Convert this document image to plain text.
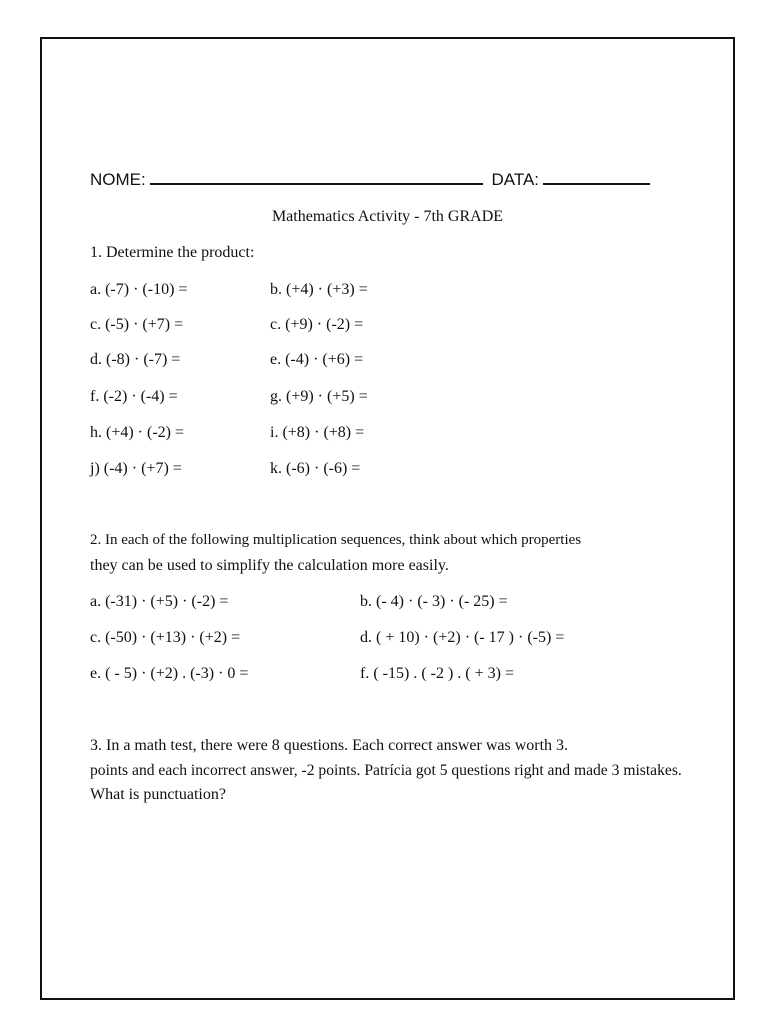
NOME:	DATA:
Mathematics Activity - 7th GRADE
1. Determine the product:
a. (-7) · (-10) =	b. (+4) · (+3) =
c. (-5) · (+7) =	c. (+9) · (-2) =
d. (-8) · (-7) =	e. (-4) · (+6) =
f. (-2) · (-4) =	g. (+9) · (+5) =
h. (+4) · (-2) =	i. (+8) · (+8) =
j) (-4) · (+7) =	k. (-6) · (-6) =
2. In each of the following multiplication sequences, think about which properties
they can be used to simplify the calculation more easily.
a. (-31) · (+5) · (-2) =	b. (- 4) · (- 3) · (- 25) =
c. (-50) · (+13) · (+2) =	d. ( + 10) · (+2) · (- 17 ) · (-5) =
e. ( - 5) · (+2) . (-3) · 0 =	f. ( -15) . ( -2 ) . ( + 3) =
3. In a math test, there were 8 questions. Each correct answer was worth 3.
points and each incorrect answer, -2 points. Patrícia got 5 questions right and made 3 mistakes.
What is punctuation?
